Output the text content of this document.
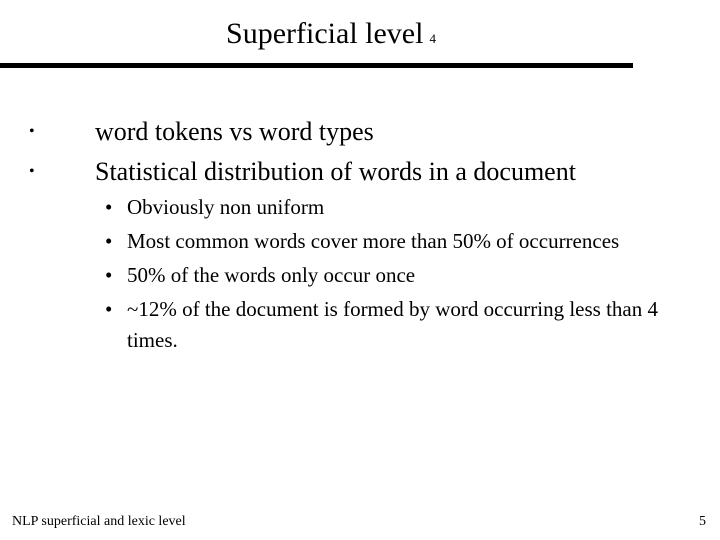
Superficial level 4
• word tokens vs word types
• Statistical distribution of words in a document
• Obviously non uniform
• Most common words cover more than 50% of occurrences
• 50% of the words only occur once
• ~12% of the document is formed by word occurring less than 4 times.
NLP superficial and lexic level	5
